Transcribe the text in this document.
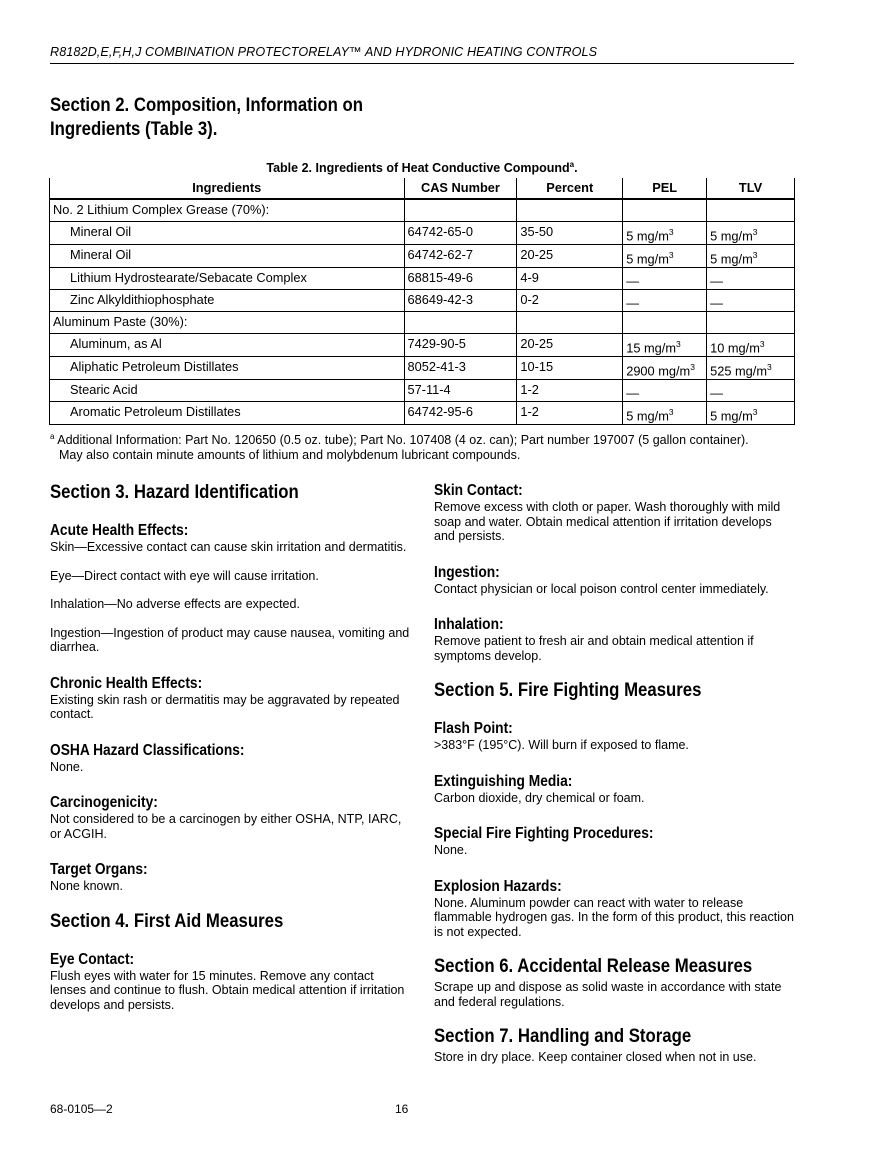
R8182D,E,F,H,J COMBINATION PROTECTORELAY™ AND HYDRONIC HEATING CONTROLS
Section 2. Composition, Information on
Ingredients (Table 3).
Table 2. Ingredients of Heat Conductive Compound$^a$.

Ingredients	CAS Number	Percent	PEL	TLV
No. 2 Lithium Complex Grease (70%):				
Mineral Oil	64742-65-0	35-50	5 $mg/m^3$	5 $mg/m^3$
Mineral Oil	64742-62-7	20-25	5 $mg/m^3$	5 $mg/m^3$
Lithium Hydrostearate/Sebacate Complex	68815-49-6	4-9	—	—
Zinc Alkyldithiophosphate	68649-42-3	0-2	—	—
Aluminum Paste (30%):				
Aluminum, as Al	7429-90-5	20-25	15 $mg/m^3$	10 $mg/m^3$
Aliphatic Petroleum Distillates	8052-41-3	10-15	2900 $mg/m^3$	525 $mg/m^3$
Stearic Acid	57-11-4	1-2	—	—
Aromatic Petroleum Distillates	64742-95-6	1-2	5 $mg/m^3$	5 $mg/m^3$
$^a$ Additional Information: Part No. 120650 (0.5 oz. tube); Part No. 107408 (4 oz. can); Part number 197007 (5 gallon container).
May also contain minute amounts of lithium and molybdenum lubricant compounds.
Section 3. Hazard Identification
Acute Health Effects:

Skin—Excessive contact can cause skin irritation and dermatitis.

Eye—Direct contact with eye will cause irritation.

Inhalation—No adverse effects are expected.

Ingestion—Ingestion of product may cause nausea, vomiting and diarrhea.

Chronic Health Effects:

Existing skin rash or dermatitis may be aggravated by repeated contact.

OSHA Hazard Classifications:

None.

Carcinogenicity:

Not considered to be a carcinogen by either OSHA, NTP, IARC, or ACGIH.

Target Organs:

None known.

Section 4. First Aid Measures
Eye Contact:

Flush eyes with water for 15 minutes. Remove any contact lenses and continue to flush. Obtain medical attention if irritation develops and persists.

Skin Contact:

Remove excess with cloth or paper. Wash thoroughly with mild soap and water. Obtain medical attention if irritation develops and persists.

Ingestion:

Contact physician or local poison control center immediately.

Inhalation:

Remove patient to fresh air and obtain medical attention if symptoms develop.

Section 5. Fire Fighting Measures
Flash Point:

>383°F (195°C). Will burn if exposed to flame.

Extinguishing Media:

Carbon dioxide, dry chemical or foam.

Special Fire Fighting Procedures:

None.

Explosion Hazards:

None. Aluminum powder can react with water to release flammable hydrogen gas. In the form of this product, this reaction is not expected.

Section 6. Accidental Release Measures

Scrape up and dispose as solid waste in accordance with state and federal regulations.

Section 7. Handling and Storage

Store in dry place. Keep container closed when not in use.

68-0105—2	16
